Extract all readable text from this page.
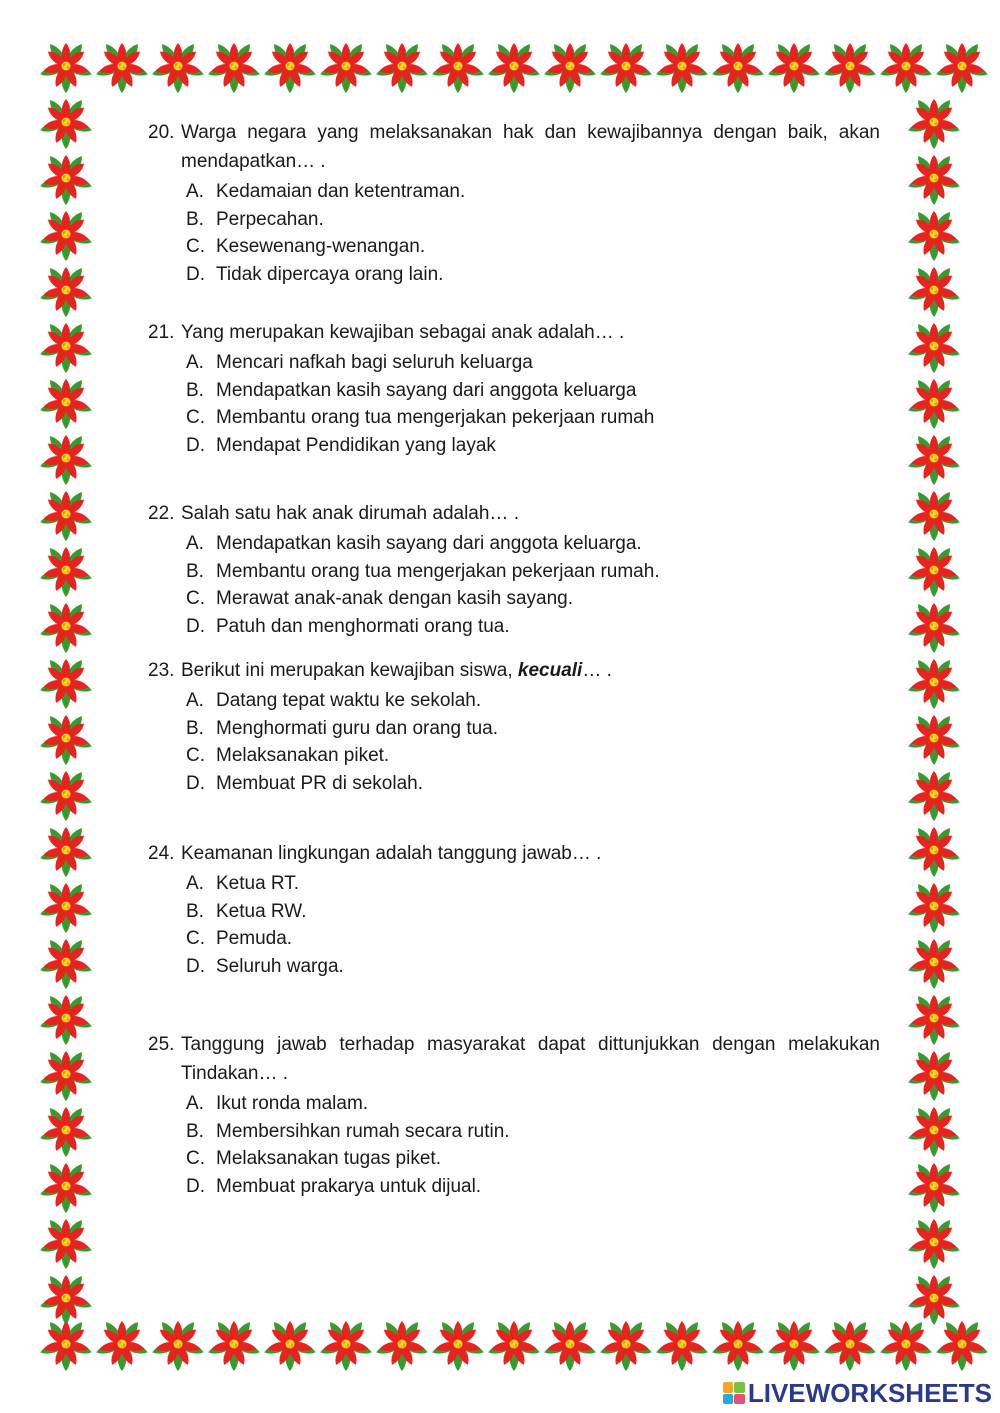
20. Warga negara yang melaksanakan hak dan kewajibannya dengan baik, akan
mendapatkan… .
A. Kedamaian dan ketentraman.
B. Perpecahan.
C. Kesewenang-wenangan.
D. Tidak dipercaya orang lain.
21. Yang merupakan kewajiban sebagai anak adalah… .
A. Mencari nafkah bagi seluruh keluarga
B. Mendapatkan kasih sayang dari anggota keluarga
C. Membantu orang tua mengerjakan pekerjaan rumah
D. Mendapat Pendidikan yang layak
22. Salah satu hak anak dirumah adalah… .
A. Mendapatkan kasih sayang dari anggota keluarga.
B. Membantu orang tua mengerjakan pekerjaan rumah.
C. Merawat anak-anak dengan kasih sayang.
D. Patuh dan menghormati orang tua.
23. Berikut ini merupakan kewajiban siswa, kecuali… .
A. Datang tepat waktu ke sekolah.
B. Menghormati guru dan orang tua.
C. Melaksanakan piket.
D. Membuat PR di sekolah.
24. Keamanan lingkungan adalah tanggung jawab… .
A. Ketua RT.
B. Ketua RW.
C. Pemuda.
D. Seluruh warga.
25. Tanggung jawab terhadap masyarakat dapat dittunjukkan dengan melakukan
Tindakan… .
A. Ikut ronda malam.
B. Membersihkan rumah secara rutin.
C. Melaksanakan tugas piket.
D. Membuat prakarya untuk dijual.
LIVEWORKSHEETS
